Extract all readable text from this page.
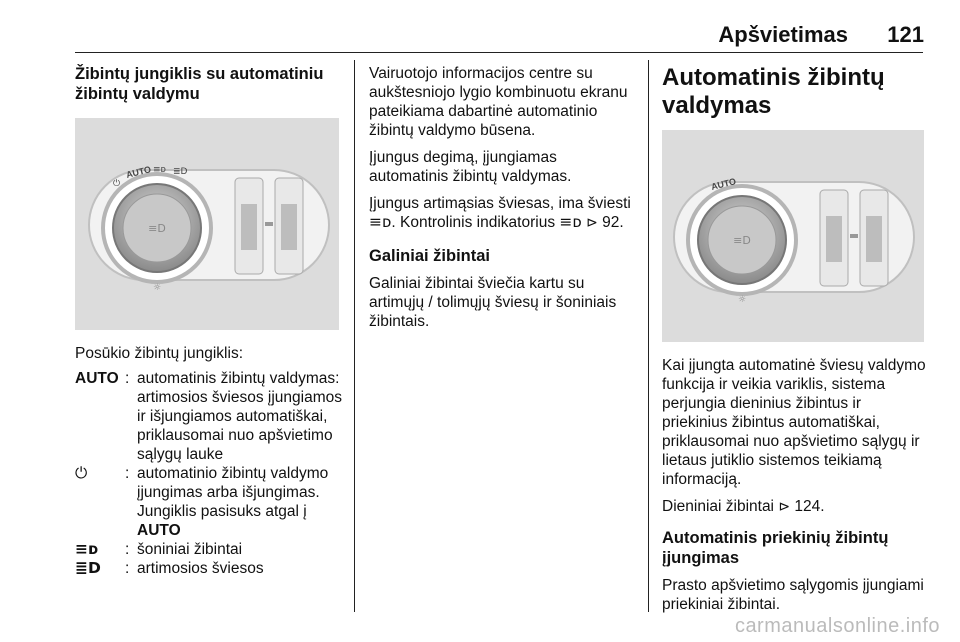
Apšvietimas 121
Žibintų jungiklis su automatiniu žibintų valdymu
≡D
AUTO
⏻
≡ᴅ ≣D
☼

Posūkio žibintų jungiklis:

AUTO : automatinis žibintų valdymas: artimosios šviesos įjungiamos ir išjungiamos automatiškai, priklausomai nuo apšvietimo sąlygų lauke
⏻	: automatinio žibintų valdymo įjungimas arba išjungimas. Jungiklis pasisuks atgal į AUTO
≡ᴅ	: šoniniai žibintai
≣D	: artimosios šviesos

Vairuotojo informacijos centre su aukštesniojo lygio kombinuotu ekranu pateikiama dabartinė automatinio žibintų valdymo būsena.

Įjungus degimą, įjungiamas automatinis žibintų valdymas.

Įjungus artimąsias šviesas, ima šviesti ≡ᴅ. Kontrolinis indikatorius ≡ᴅ ⊳ 92.

Galiniai žibintai

Galiniai žibintai šviečia kartu su artimųjų / tolimųjų šviesų ir šoniniais žibintais.

Automatinis žibintų valdymas
≡D
AUTO
☼

Kai įjungta automatinė šviesų valdymo funkcija ir veikia variklis, sistema perjungia dieninius žibintus ir priekinius žibintus automatiškai, priklausomai nuo apšvietimo sąlygų ir lietaus jutiklio sistemos teikiamą informaciją.

Dieniniai žibintai ⊳ 124.

Automatinis priekinių žibintų įjungimas

Prasto apšvietimo sąlygomis įjungiami priekiniai žibintai.

carmanualsonline.info
